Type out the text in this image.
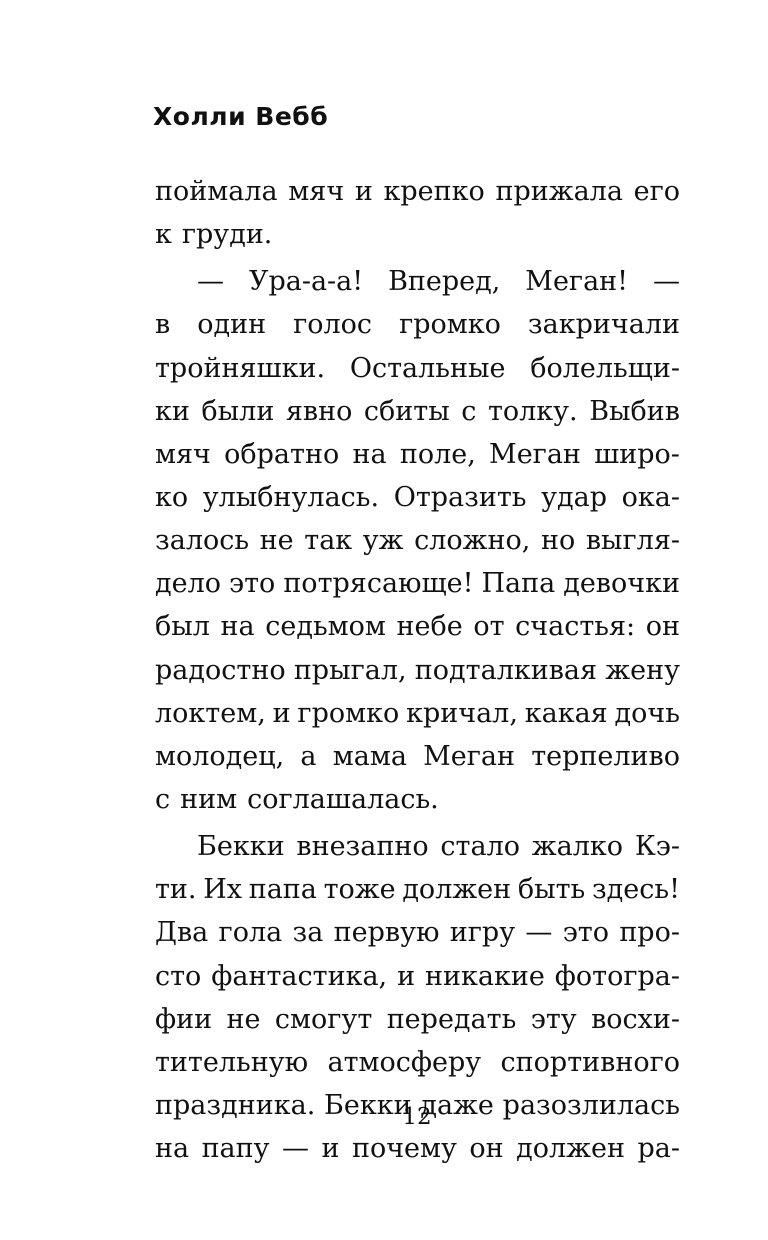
Холли Вебб
поймала мяч и крепко прижала его
к груди.
— Ура-а-а! Вперед, Меган! —
в один голос громко закричали
тройняшки. Остальные болельщи-
ки были явно сбиты с толку. Выбив
мяч обратно на поле, Меган широ-
ко улыбнулась. Отразить удар ока-
залось не так уж сложно, но выгля-
дело это потрясающе! Папа девочки
был на седьмом небе от счастья: он
радостно прыгал, подталкивая жену
локтем, и громко кричал, какая дочь
молодец, а мама Меган терпеливо
с ним соглашалась.
Бекки внезапно стало жалко Кэ-
ти. Их папа тоже должен быть здесь!
Два гола за первую игру — это про-
сто фантастика, и никакие фотогра-
фии не смогут передать эту восхи-
тительную атмосферу спортивного
праздника. Бекки даже разозлилась
на папу — и почему он должен ра-
12
